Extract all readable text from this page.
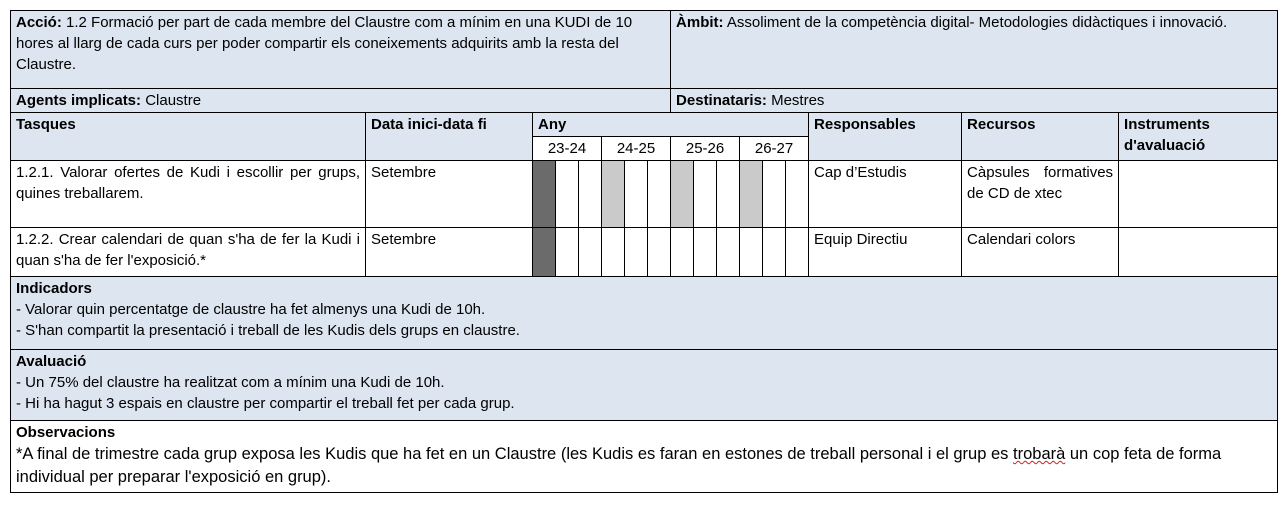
Acció: 1.2 Formació per part de cada membre del Claustre com a mínim en una KUDI de 10 hores al llarg de cada curs per poder compartir els coneixements adquirits amb la resta del Claustre.								Àmbit: Assoliment de la competència digital- Metodologies didàctiques i innovació.								
Agents implicats: Claustre								Destinataris: Mestres								
Tasques	Data inici-data fi	Any												Responsables	Recursos	Instruments d'avaluació
		23-24			24-25			25-26			26-27					
1.2.1. Valorar ofertes de Kudi i escollir per grups, quines treballarem.	Setembre													Cap d’Estudis	Càpsules formatives de CD de xtec	
1.2.2. Crear calendari de quan s'ha de fer la Kudi i quan s'ha de fer l'exposició.*	Setembre													Equip Directiu	Calendari colors	

Indicadors
- Valorar quin percentatge de claustre ha fet almenys una Kudi de 10h.
- S'han compartit la presentació i treball de les Kudis dels grups en claustre.																

Avaluació
- Un 75% del claustre ha realitzat com a mínim una Kudi de 10h.
- Hi ha hagut 3 espais en claustre per compartir el treball fet per cada grup.																

Observacions
*A final de trimestre cada grup exposa les Kudis que ha fet en un Claustre (les Kudis es faran en estones de treball personal i el grup es trobarà un cop feta de forma individual per preparar l'exposició en grup).																
